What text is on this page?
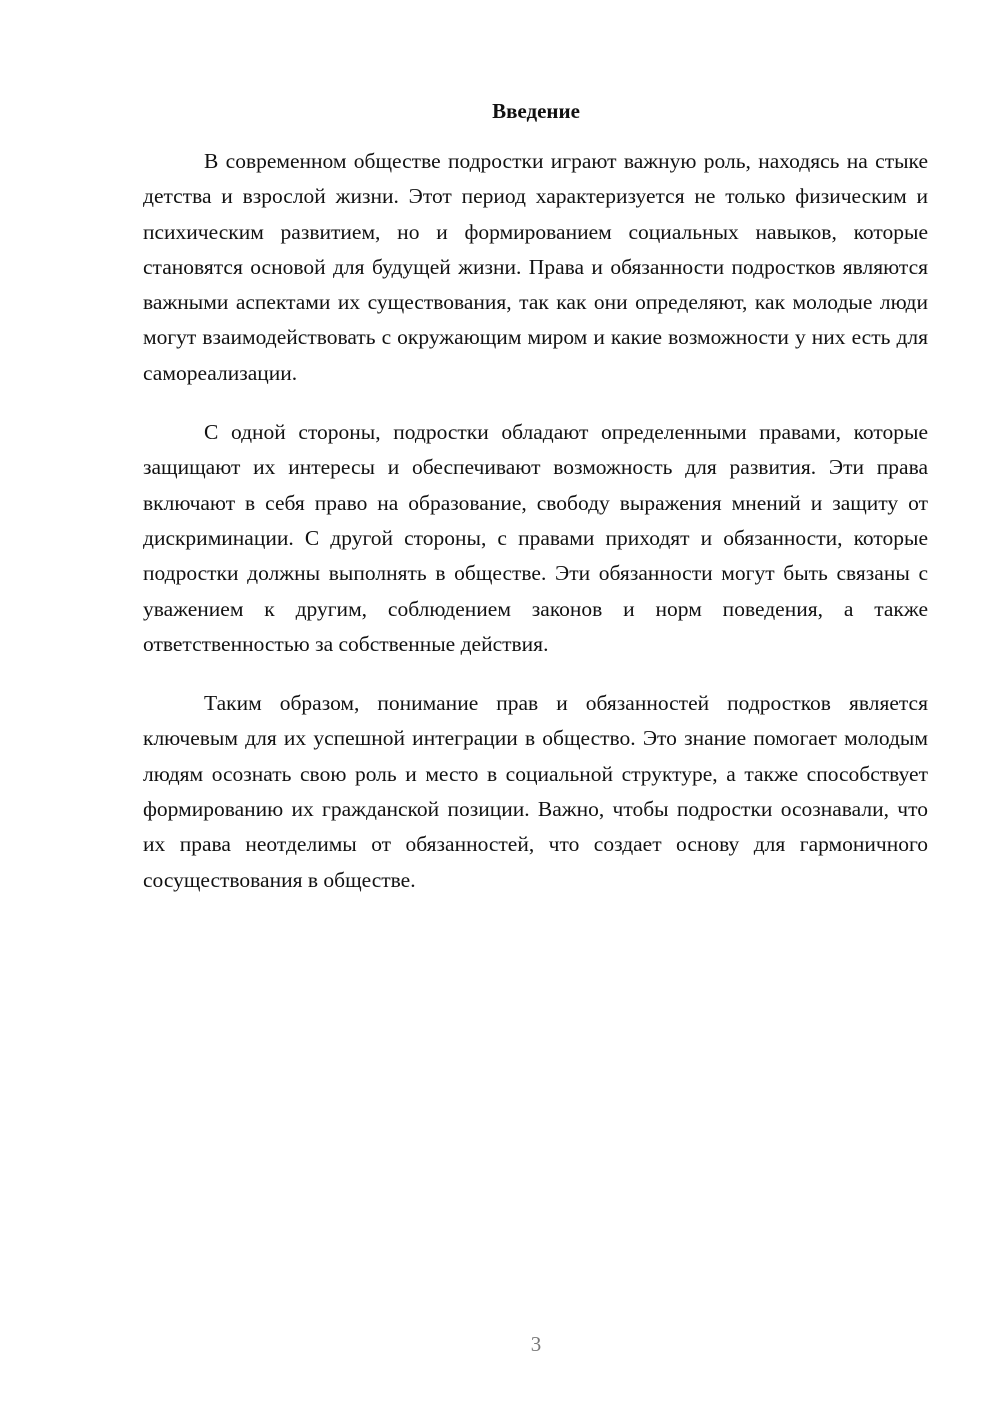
Введение

В современном обществе подростки играют важную роль, находясь на стыке детства и взрослой жизни. Этот период характеризуется не только физическим и психическим развитием, но и формированием социальных навыков, которые становятся основой для будущей жизни. Права и обязанности подростков являются важными аспектами их существования, так как они определяют, как молодые люди могут взаимодействовать с окружающим миром и какие возможности у них есть для самореализации.

С одной стороны, подростки обладают определенными правами, которые защищают их интересы и обеспечивают возможность для развития. Эти права включают в себя право на образование, свободу выражения мнений и защиту от дискриминации. С другой стороны, с правами приходят и обязанности, которые подростки должны выполнять в обществе. Эти обязанности могут быть связаны с уважением к другим, соблюдением законов и норм поведения, а также ответственностью за собственные действия.

Таким образом, понимание прав и обязанностей подростков является ключевым для их успешной интеграции в общество. Это знание помогает молодым людям осознать свою роль и место в социальной структуре, а также способствует формированию их гражданской позиции. Важно, чтобы подростки осознавали, что их права неотделимы от обязанностей, что создает основу для гармоничного сосуществования в обществе.

3
